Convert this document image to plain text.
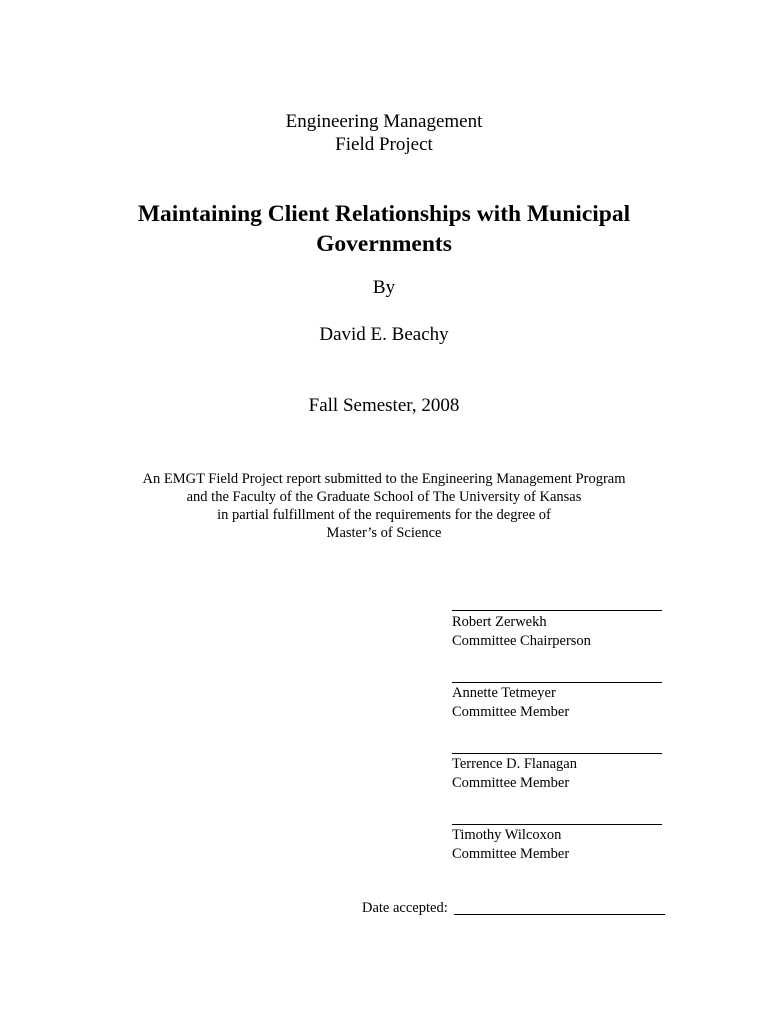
Engineering Management
Field Project
Maintaining Client Relationships with Municipal
Governments
By
David E. Beachy
Fall Semester, 2008
An EMGT Field Project report submitted to the Engineering Management Program
and the Faculty of the Graduate School of The University of Kansas
in partial fulfillment of the requirements for the degree of
Master’s of Science
Robert Zerwekh
Committee Chairperson
Annette Tetmeyer
Committee Member
Terrence D. Flanagan
Committee Member
Timothy Wilcoxon
Committee Member
Date accepted:
